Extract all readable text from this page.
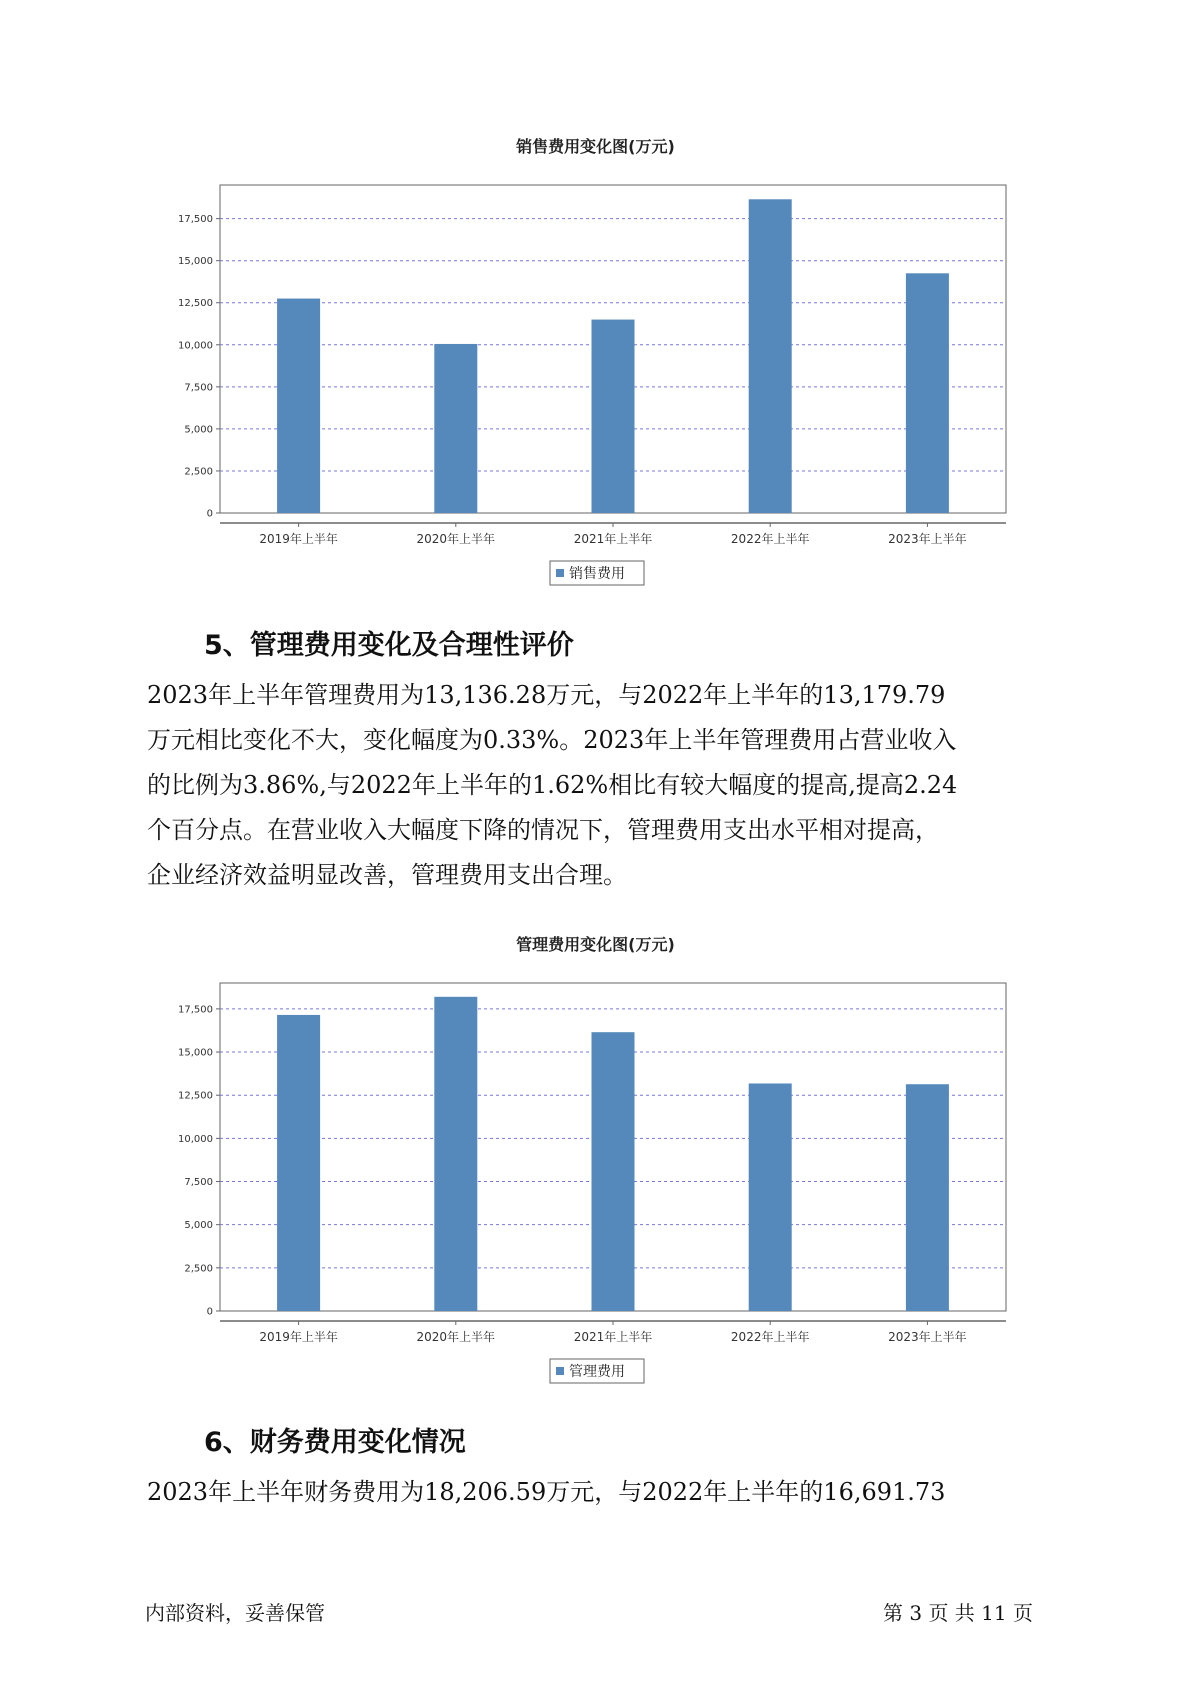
销售费用变化图(万元)
0
2,500
5,000
7,500
10,000
12,500
15,000
17,500
2019年上半年	2020年上半年	2021年上半年	2022年上半年	2023年上半年
销售费用
5、管理费用变化及合理性评价
2023年上半年管理费用为13,136.28万元，与2022年上半年的13,179.79
万元相比变化不大，变化幅度为0.33%。2023年上半年管理费用占营业收入
的比例为3.86%,与2022年上半年的1.62%相比有较大幅度的提高,提高2.24
个百分点。在营业收入大幅度下降的情况下，管理费用支出水平相对提高，
企业经济效益明显改善，管理费用支出合理。
管理费用变化图(万元)
0
2,500
5,000
7,500
10,000
12,500
15,000
17,500
2019年上半年	2020年上半年	2021年上半年	2022年上半年	2023年上半年
管理费用
6、财务费用变化情况
2023年上半年财务费用为18,206.59万元，与2022年上半年的16,691.73
内部资料，妥善保管	第 3 页 共 11 页
